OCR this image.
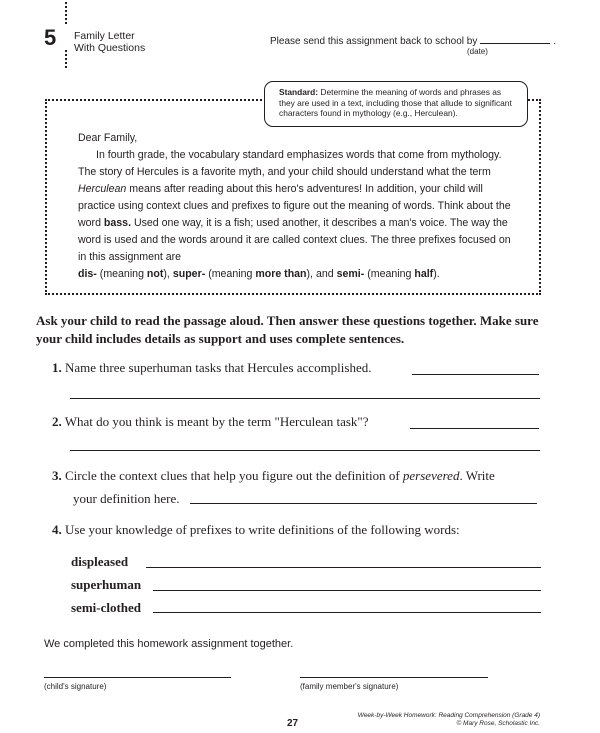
5 Family Letter
With Questions	Please send this assignment back to school by	.
(date)
Standard: Determine the meaning of words and phrases as they are used in a text, including those that allude to significant characters found in mythology (e.g., Herculean).

Dear Family,

In fourth grade, the vocabulary standard emphasizes words that come from mythology. The story of Hercules is a favorite myth, and your child should understand what the term Herculean means after reading about this hero's adventures! In addition, your child will practice using context clues and prefixes to figure out the meaning of words. Think about the word bass. Used one way, it is a fish; used another, it describes a man's voice. The way the word is used and the words around it are called context clues. The three prefixes focused on in this assignment are
dis- (meaning not), super- (meaning more than), and semi- (meaning half).

Ask your child to read the passage aloud. Then answer these questions together. Make sure your child includes details as support and uses complete sentences.
1. Name three superhuman tasks that Hercules accomplished.
2. What do you think is meant by the term "Herculean task"?
3. Circle the context clues that help you figure out the definition of persevered. Write
your definition here.
4. Use your knowledge of prefixes to write definitions of the following words:
displeased
superhuman
semi-clothed
We completed this homework assignment together.
(child's signature)	(family member's signature)
27
Week-by-Week Homework: Reading Comprehension (Grade 4)
© Mary Rose, Scholastic Inc.
